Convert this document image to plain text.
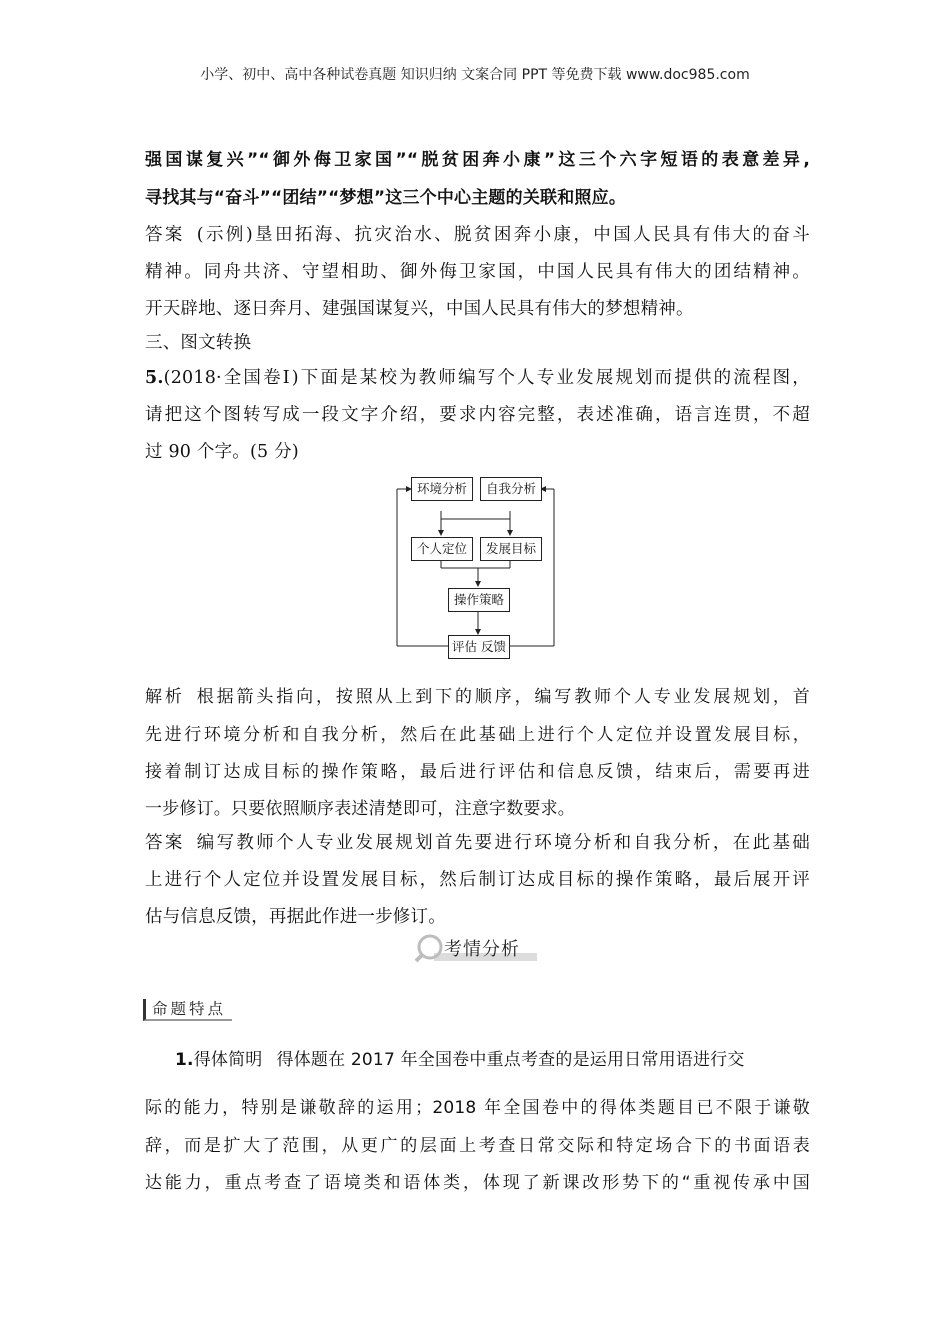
小学、初中、高中各种试卷真题 知识归纳 文案合同 PPT 等免费下载 www.doc985.com
强国谋复兴”“御外侮卫家国”“脱贫困奔小康”这三个六字短语的表意差异,
寻找其与“奋斗”“团结”“梦想”这三个中心主题的关联和照应。
答案 (示例)垦田拓海、抗灾治水、脱贫困奔小康，中国人民具有伟大的奋斗
精神。同舟共济、守望相助、御外侮卫家国，中国人民具有伟大的团结精神。
开天辟地、逐日奔月、建强国谋复兴，中国人民具有伟大的梦想精神。
三、图文转换
5.(2018·全国卷Ⅰ)下面是某校为教师编写个人专业发展规划而提供的流程图，
请把这个图转写成一段文字介绍，要求内容完整，表述准确，语言连贯，不超
过 90 个字。(5 分)
环境分析	自我分析
个人定位	发展目标
操作策略
评估 反馈
解析 根据箭头指向，按照从上到下的顺序，编写教师个人专业发展规划，首
先进行环境分析和自我分析，然后在此基础上进行个人定位并设置发展目标，
接着制订达成目标的操作策略，最后进行评估和信息反馈，结束后，需要再进
一步修订。只要依照顺序表述清楚即可，注意字数要求。
答案 编写教师个人专业发展规划首先要进行环境分析和自我分析，在此基础
上进行个人定位并设置发展目标，然后制订达成目标的操作策略，最后展开评
估与信息反馈，再据此作进一步修订。
考情分析
命题特点
1.得体简明 得体题在 2017 年全国卷中重点考查的是运用日常用语进行交
际的能力，特别是谦敬辞的运用；2018 年全国卷中的得体类题目已不限于谦敬
辞，而是扩大了范围，从更广的层面上考查日常交际和特定场合下的书面语表
达能力，重点考查了语境类和语体类，体现了新课改形势下的“重视传承中国
